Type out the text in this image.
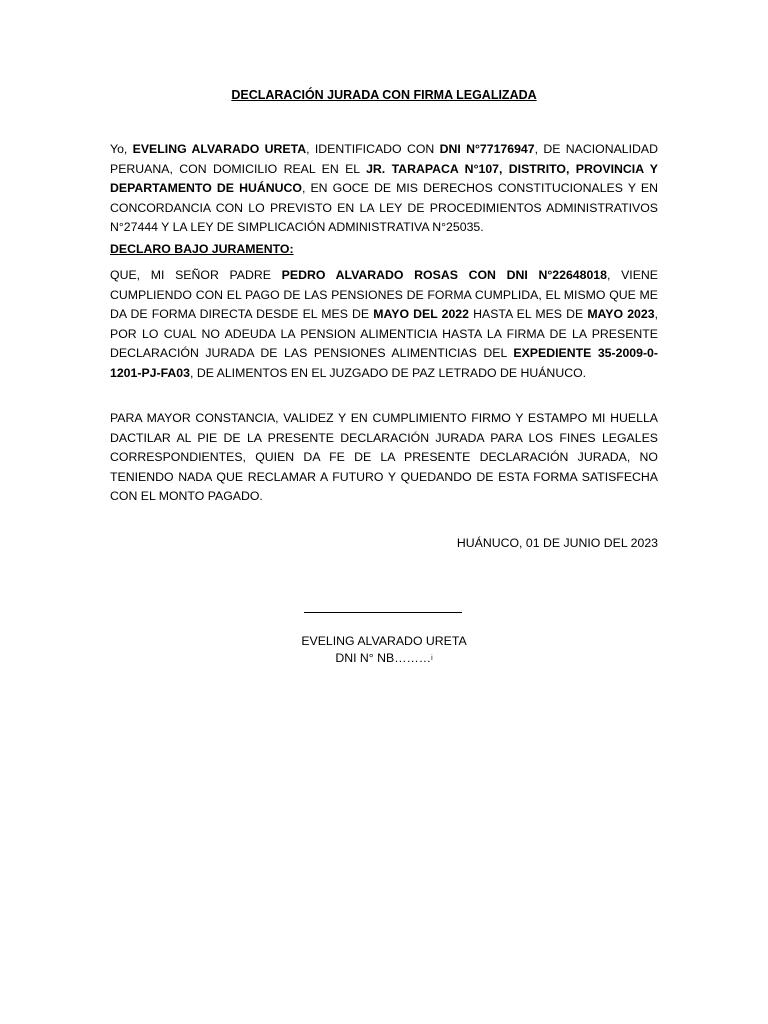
DECLARACIÓN JURADA CON FIRMA LEGALIZADA
Yo, EVELING ALVARADO URETA, IDENTIFICADO CON DNI N°77176947, DE NACIONALIDAD PERUANA, CON DOMICILIO REAL EN EL JR. TARAPACA N°107, DISTRITO, PROVINCIA Y DEPARTAMENTO DE HUÁNUCO, EN GOCE DE MIS DERECHOS CONSTITUCIONALES Y EN CONCORDANCIA CON LO PREVISTO EN LA LEY DE PROCEDIMIENTOS ADMINISTRATIVOS N°27444 Y LA LEY DE SIMPLICACIÓN ADMINISTRATIVA N°25035.
DECLARO BAJO JURAMENTO:
QUE, MI SEÑOR PADRE PEDRO ALVARADO ROSAS CON DNI N°22648018, VIENE CUMPLIENDO CON EL PAGO DE LAS PENSIONES DE FORMA CUMPLIDA, EL MISMO QUE ME DA DE FORMA DIRECTA DESDE EL MES DE MAYO DEL 2022 HASTA EL MES DE MAYO 2023, POR LO CUAL NO ADEUDA LA PENSION ALIMENTICIA HASTA LA FIRMA DE LA PRESENTE DECLARACIÓN JURADA DE LAS PENSIONES ALIMENTICIAS DEL EXPEDIENTE 35-2009-0-1201-PJ-FA03, DE ALIMENTOS EN EL JUZGADO DE PAZ LETRADO DE HUÁNUCO.
PARA MAYOR CONSTANCIA, VALIDEZ Y EN CUMPLIMIENTO FIRMO Y ESTAMPO MI HUELLA DACTILAR AL PIE DE LA PRESENTE DECLARACIÓN JURADA PARA LOS FINES LEGALES CORRESPONDIENTES, QUIEN DA FE DE LA PRESENTE DECLARACIÓN JURADA, NO TENIENDO NADA QUE RECLAMAR A FUTURO Y QUEDANDO DE ESTA FORMA SATISFECHA CON EL MONTO PAGADO.
HUÁNUCO, 01 DE JUNIO DEL 2023
EVELING ALVARADO URETA
DNI N° NB………$^i$
